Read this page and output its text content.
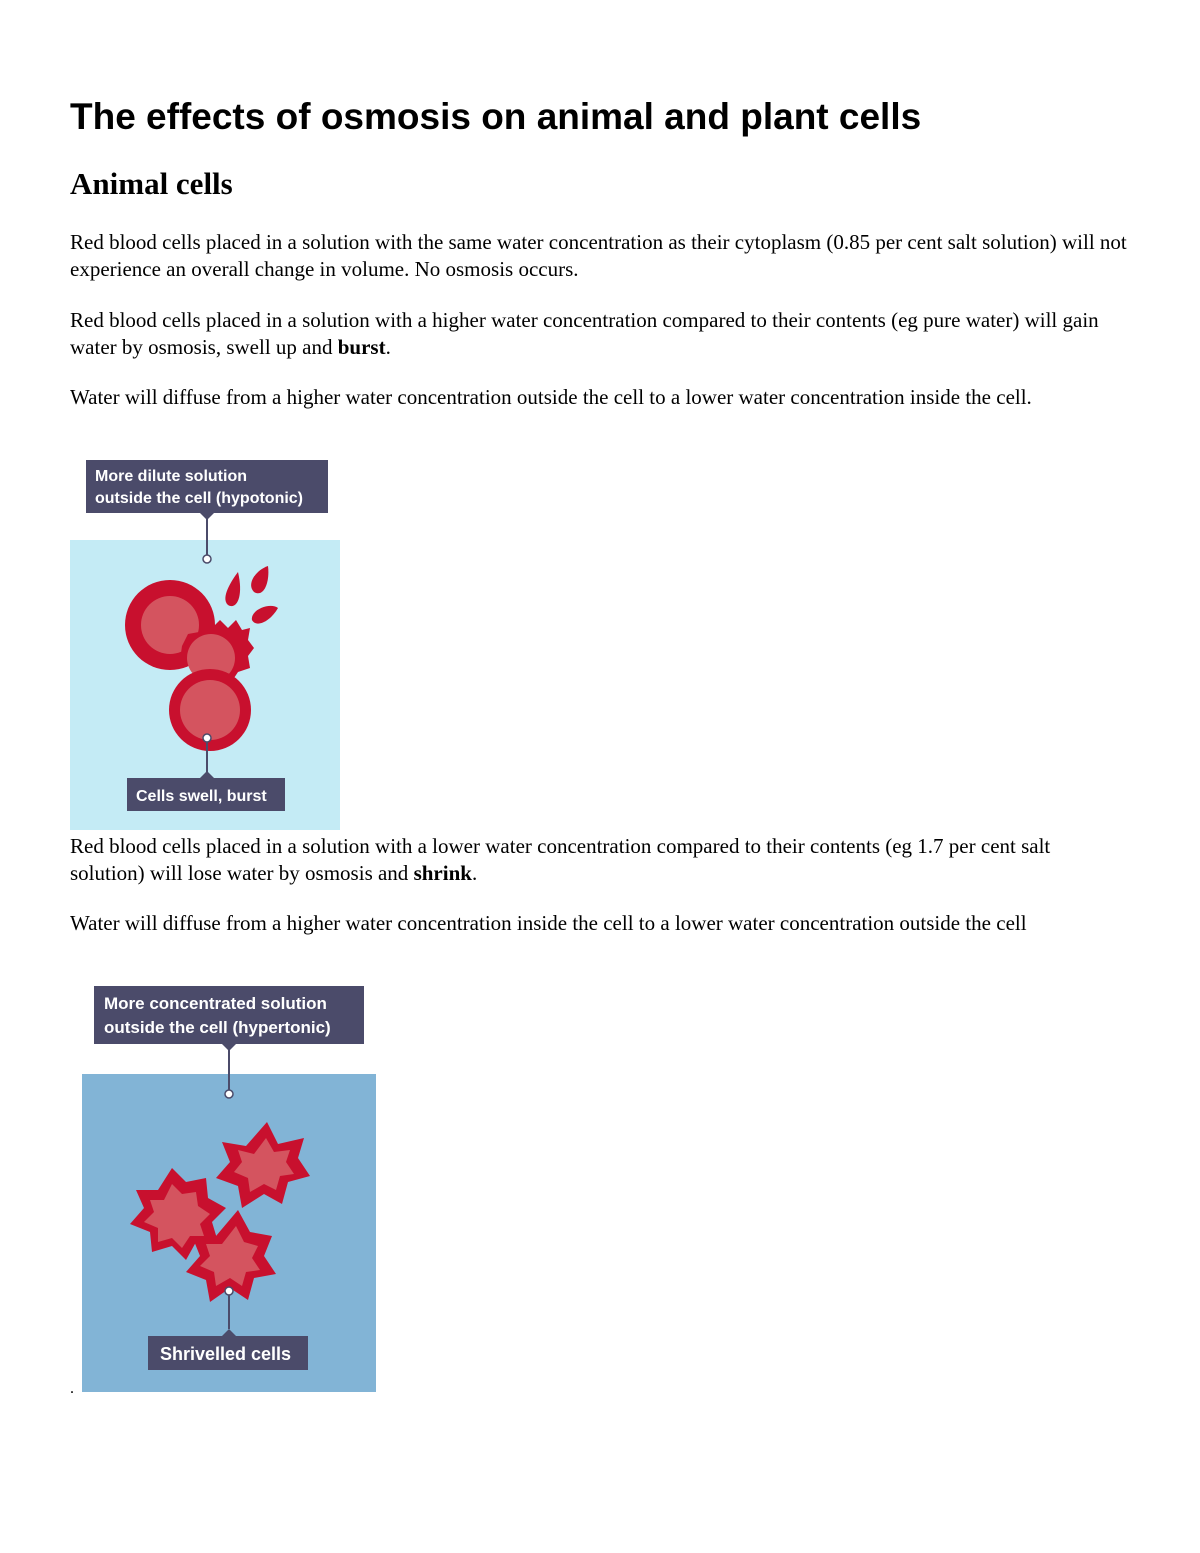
The effects of osmosis on animal and plant cells
Animal cells

Red blood cells placed in a solution with the same water concentration as their cytoplasm (0.85 per cent salt solution) will not experience an overall change in volume. No osmosis occurs.

Red blood cells placed in a solution with a higher water concentration compared to their contents (eg pure water) will gain water by osmosis, swell up and burst.

Water will diffuse from a higher water concentration outside the cell to a lower water concentration inside the cell.

More dilute solution
outside the cell (hypotonic)
Cells swell, burst

Red blood cells placed in a solution with a lower water concentration compared to their contents (eg 1.7 per cent salt solution) will lose water by osmosis and shrink.

Water will diffuse from a higher water concentration inside the cell to a lower water concentration outside the cell

More concentrated solution
outside the cell (hypertonic)
Shrivelled cells
.
